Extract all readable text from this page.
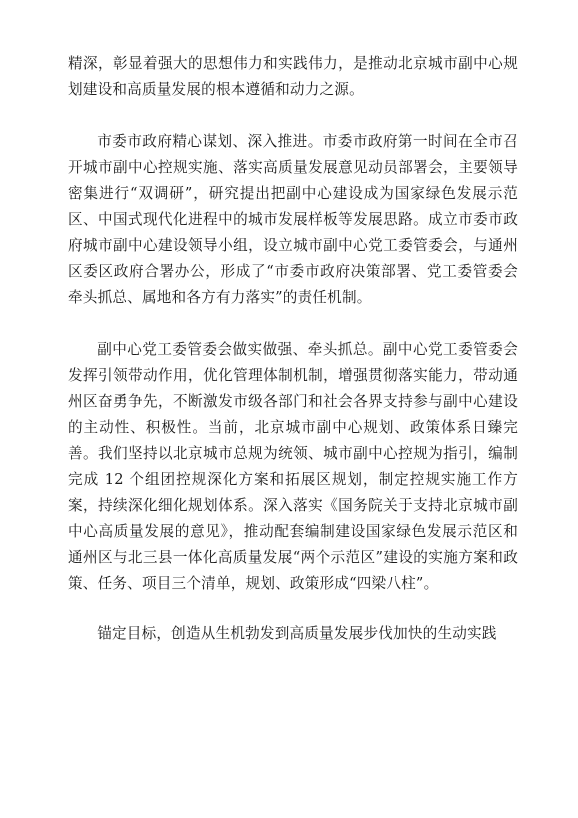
精深，彰显着强大的思想伟力和实践伟力，是推动北京城市副中心规划建设和高质量发展的根本遵循和动力之源。

市委市政府精心谋划、深入推进。市委市政府第一时间在全市召开城市副中心控规实施、落实高质量发展意见动员部署会，主要领导密集进行“双调研”，研究提出把副中心建设成为国家绿色发展示范区、中国式现代化进程中的城市发展样板等发展思路。成立市委市政府城市副中心建设领导小组，设立城市副中心党工委管委会，与通州区委区政府合署办公，形成了“市委市政府决策部署、党工委管委会牵头抓总、属地和各方有力落实”的责任机制。

副中心党工委管委会做实做强、牵头抓总。副中心党工委管委会发挥引领带动作用，优化管理体制机制，增强贯彻落实能力，带动通州区奋勇争先，不断激发市级各部门和社会各界支持参与副中心建设的主动性、积极性。当前，北京城市副中心规划、政策体系日臻完善。我们坚持以北京城市总规为统领、城市副中心控规为指引，编制完成 12 个组团控规深化方案和拓展区规划，制定控规实施工作方案，持续深化细化规划体系。深入落实《国务院关于支持北京城市副中心高质量发展的意见》，推动配套编制建设国家绿色发展示范区和通州区与北三县一体化高质量发展“两个示范区”建设的实施方案和政策、任务、项目三个清单，规划、政策形成“四梁八柱”。

锚定目标，创造从生机勃发到高质量发展步伐加快的生动实践
